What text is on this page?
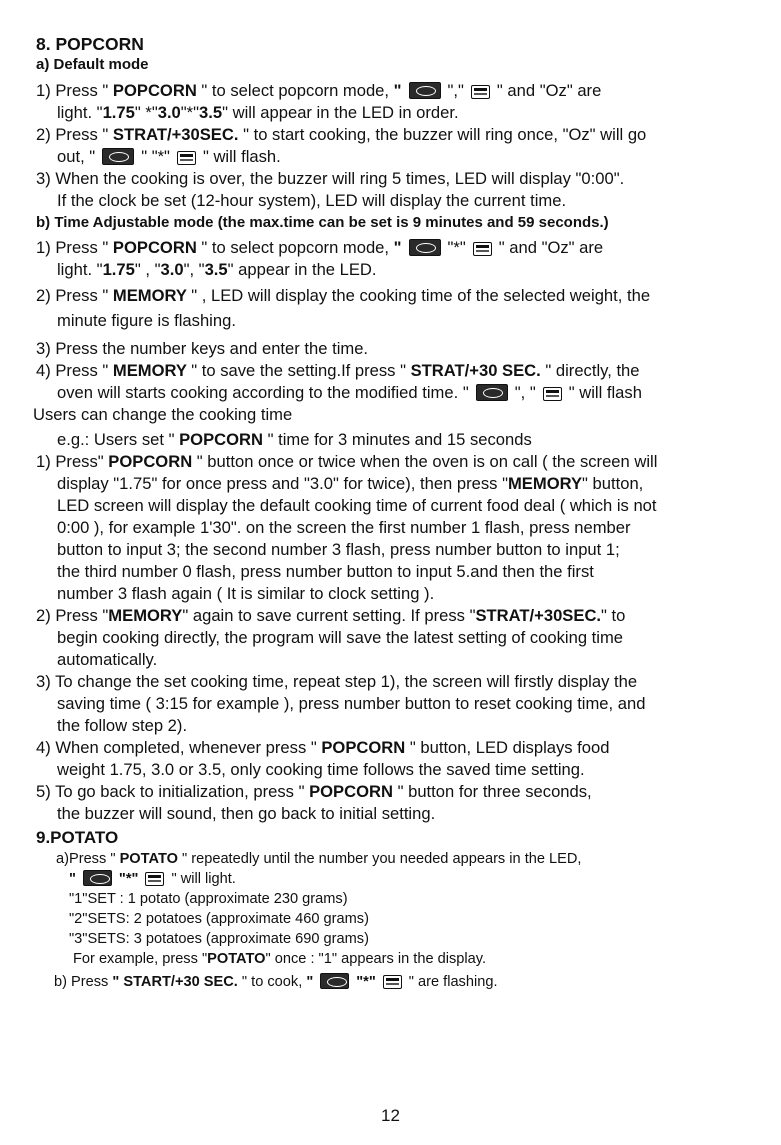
8. POPCORN
a) Default mode
1) Press " POPCORN " to select popcorn mode, "	"," " and "Oz" are
light. "1.75" *"3.0"*"3.5" will appear in the LED in order.
2) Press " STRAT/+30SEC. " to start cooking, the buzzer will ring once, "Oz" will go
out, "	" "*" " will flash.
3) When the cooking is over, the buzzer will ring 5 times, LED will display "0:00".
If the clock be set (12-hour system), LED will display the current time.
b) Time Adjustable mode (the max.time can be set is 9 minutes and 59 seconds.)
1) Press " POPCORN " to select popcorn mode, "	"*" " and "Oz" are
light. "1.75" , "3.0", "3.5" appear in the LED.
2) Press " MEMORY " , LED will display the cooking time of the selected weight, the
minute figure is flashing.
3) Press the number keys and enter the time.
4) Press " MEMORY " to save the setting.If press " STRAT/+30 SEC. " directly, the
oven will starts cooking according to the modified time. "	", " " will flash
Users can change the cooking time
e.g.: Users set " POPCORN " time for 3 minutes and 15 seconds
1) Press" POPCORN " button once or twice when the oven is on call ( the screen will
display "1.75" for once press and "3.0" for twice), then press "MEMORY" button,
LED screen will display the default cooking time of current food deal ( which is not
0:00 ), for example 1'30". on the screen the first number 1 flash, press nember
button to input 3; the second number 3 flash, press number button to input 1;
the third number 0 flash, press number button to input 5.and then the first
number 3 flash again ( It is similar to clock setting ).
2) Press "MEMORY" again to save current setting. If press "STRAT/+30SEC." to
begin cooking directly, the program will save the latest setting of cooking time
automatically.
3) To change the set cooking time, repeat step 1), the screen will firstly display the
saving time ( 3:15 for example ), press number button to reset cooking time, and
the follow step 2).
4) When completed, whenever press " POPCORN " button, LED displays food
weight 1.75, 3.0 or 3.5, only cooking time follows the saved time setting.
5) To go back to initialization, press " POPCORN " button for three seconds,
the buzzer will sound, then go back to initial setting.
9.POTATO
a)Press " POTATO " repeatedly until the number you needed appears in the LED,
"	"*" " will light.
"1"SET : 1 potato (approximate 230 grams)
"2"SETS: 2 potatoes (approximate 460 grams)
"3"SETS: 3 potatoes (approximate 690 grams)
For example, press "POTATO" once : "1" appears in the display.
b) Press " START/+30 SEC. " to cook, "	"*" " are flashing.
12
